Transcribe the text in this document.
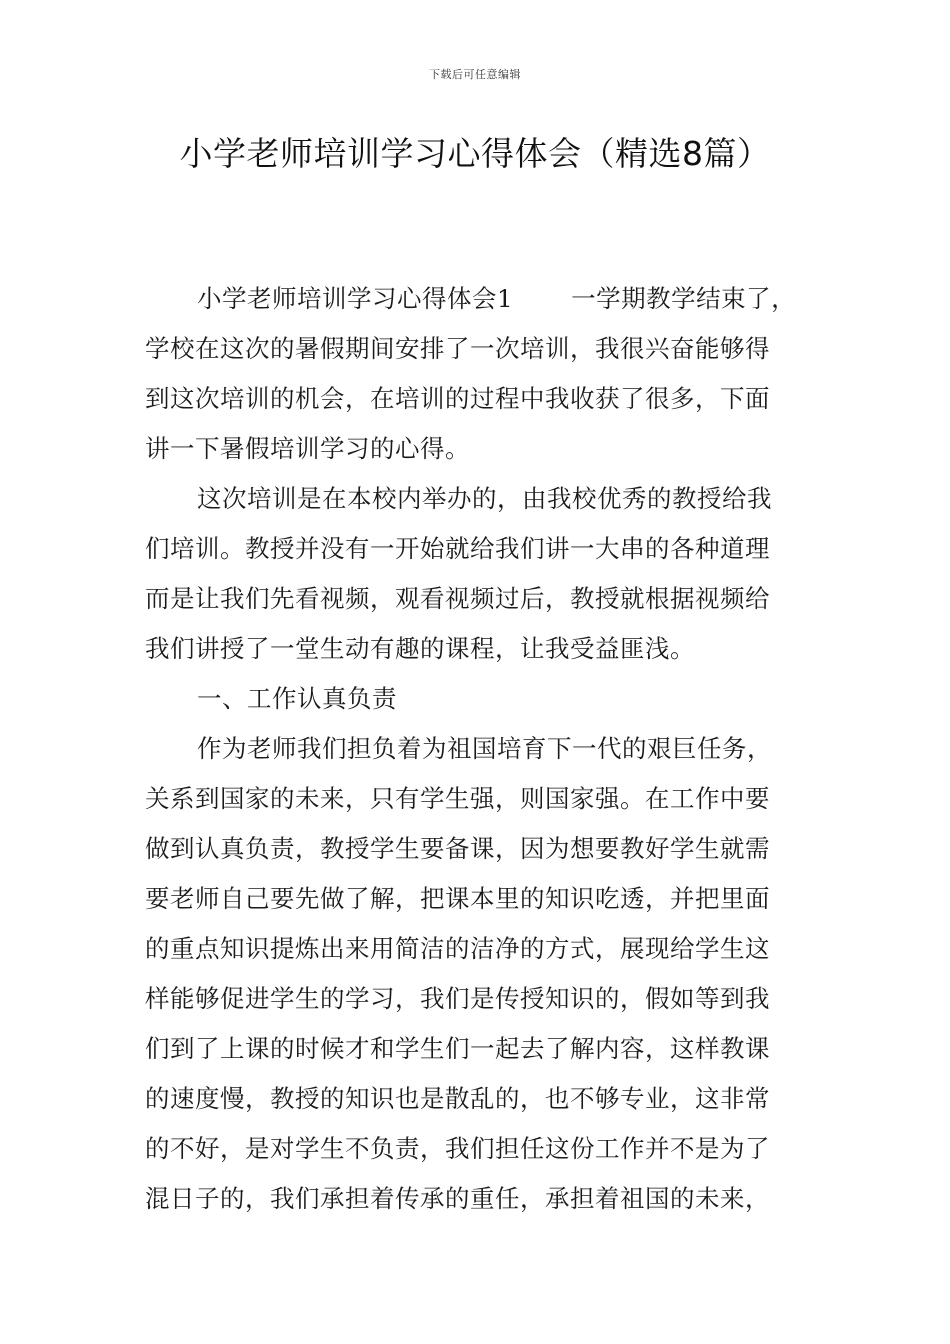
下载后可任意编辑
小学老师培训学习心得体会（精选8篇）
小学老师培训学习心得体会1 一学期教学结束了，
学校在这次的暑假期间安排了一次培训，我很兴奋能够得
到这次培训的机会，在培训的过程中我收获了很多，下面
讲一下暑假培训学习的心得。
这次培训是在本校内举办的，由我校优秀的教授给我
们培训。教授并没有一开始就给我们讲一大串的各种道理
而是让我们先看视频，观看视频过后，教授就根据视频给
我们讲授了一堂生动有趣的课程，让我受益匪浅。
一、工作认真负责
作为老师我们担负着为祖国培育下一代的艰巨任务，
关系到国家的未来，只有学生强，则国家强。在工作中要
做到认真负责，教授学生要备课，因为想要教好学生就需
要老师自己要先做了解，把课本里的知识吃透，并把里面
的重点知识提炼出来用简洁的洁净的方式，展现给学生这
样能够促进学生的学习，我们是传授知识的，假如等到我
们到了上课的时候才和学生们一起去了解内容，这样教课
的速度慢，教授的知识也是散乱的，也不够专业，这非常
的不好，是对学生不负责，我们担任这份工作并不是为了
混日子的，我们承担着传承的重任，承担着祖国的未来，
